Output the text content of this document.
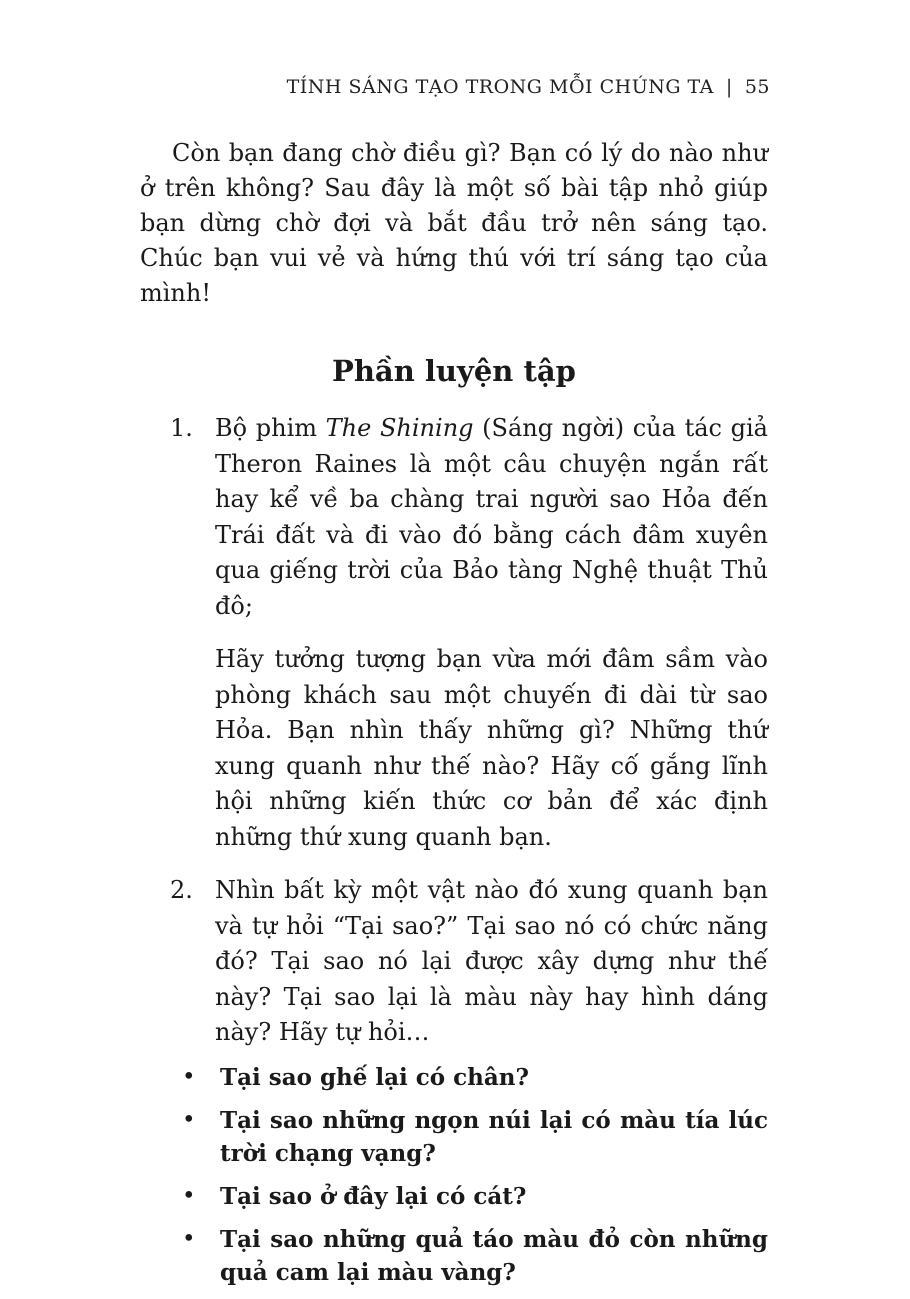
TÍNH SÁNG TẠO TRONG MỖI CHÚNG TA | 55

Còn bạn đang chờ điều gì? Bạn có lý do nào như ở trên không? Sau đây là một số bài tập nhỏ giúp bạn dừng chờ đợi và bắt đầu trở nên sáng tạo. Chúc bạn vui vẻ và hứng thú với trí sáng tạo của mình!

Phần luyện tập
1. Bộ phim The Shining (Sáng ngời) của tác giả Theron Raines là một câu chuyện ngắn rất hay kể về ba chàng trai người sao Hỏa đến Trái đất và đi vào đó bằng cách đâm xuyên qua giếng trời của Bảo tàng Nghệ thuật Thủ đô;

Hãy tưởng tượng bạn vừa mới đâm sầm vào phòng khách sau một chuyến đi dài từ sao Hỏa. Bạn nhìn thấy những gì? Những thứ xung quanh như thế nào? Hãy cố gắng lĩnh hội những kiến thức cơ bản để xác định những thứ xung quanh bạn.

2. Nhìn bất kỳ một vật nào đó xung quanh bạn và tự hỏi “Tại sao?” Tại sao nó có chức năng đó? Tại sao nó lại được xây dựng như thế này? Tại sao lại là màu này hay hình dáng này? Hãy tự hỏi…

•	Tại sao ghế lại có chân?
•	Tại sao những ngọn núi lại có màu tía lúc trời chạng vạng?
•	Tại sao ở đây lại có cát?
•	Tại sao những quả táo màu đỏ còn những quả cam lại màu vàng?
